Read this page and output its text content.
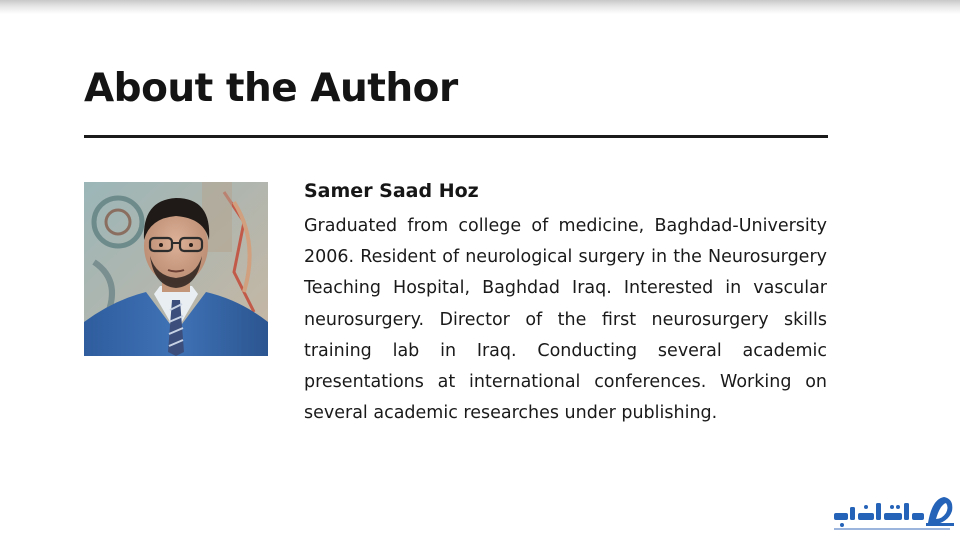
About the Author
Samer Saad Hoz

Graduated from college of medicine, Baghdad-University 2006. Resident of neurological surgery in the Neurosurgery Teaching Hospital, Baghdad Iraq. Interested in vascular neurosurgery. Director of the first neurosurgery skills training lab in Iraq. Conducting several academic presentations at international conferences. Working on several academic researches under publishing.
